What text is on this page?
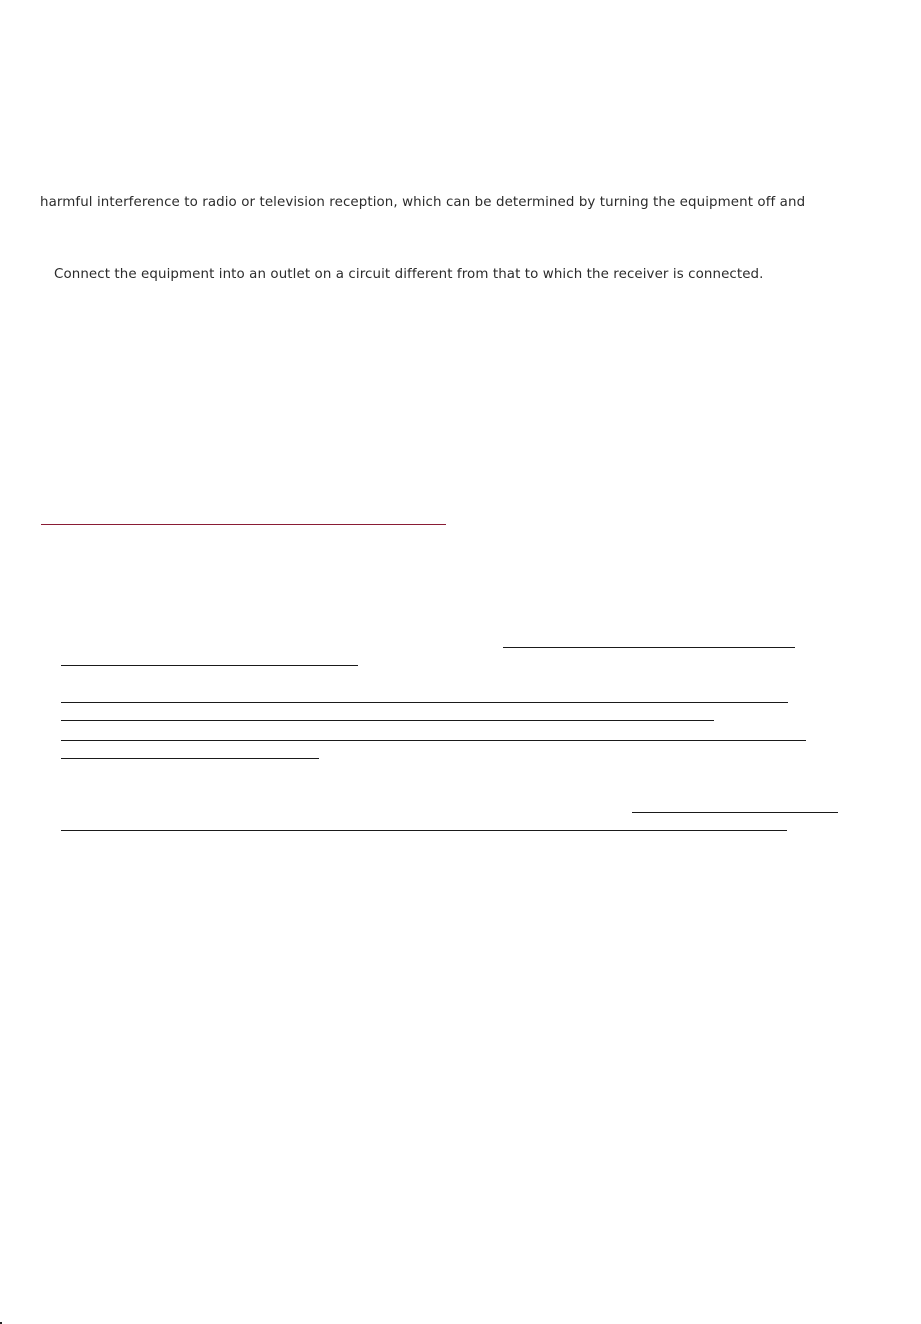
harmful interference to radio or television reception, which can be determined by turning the equipment off and

Connect the equipment into an outlet on a circuit different from that to which the receiver is connected.
